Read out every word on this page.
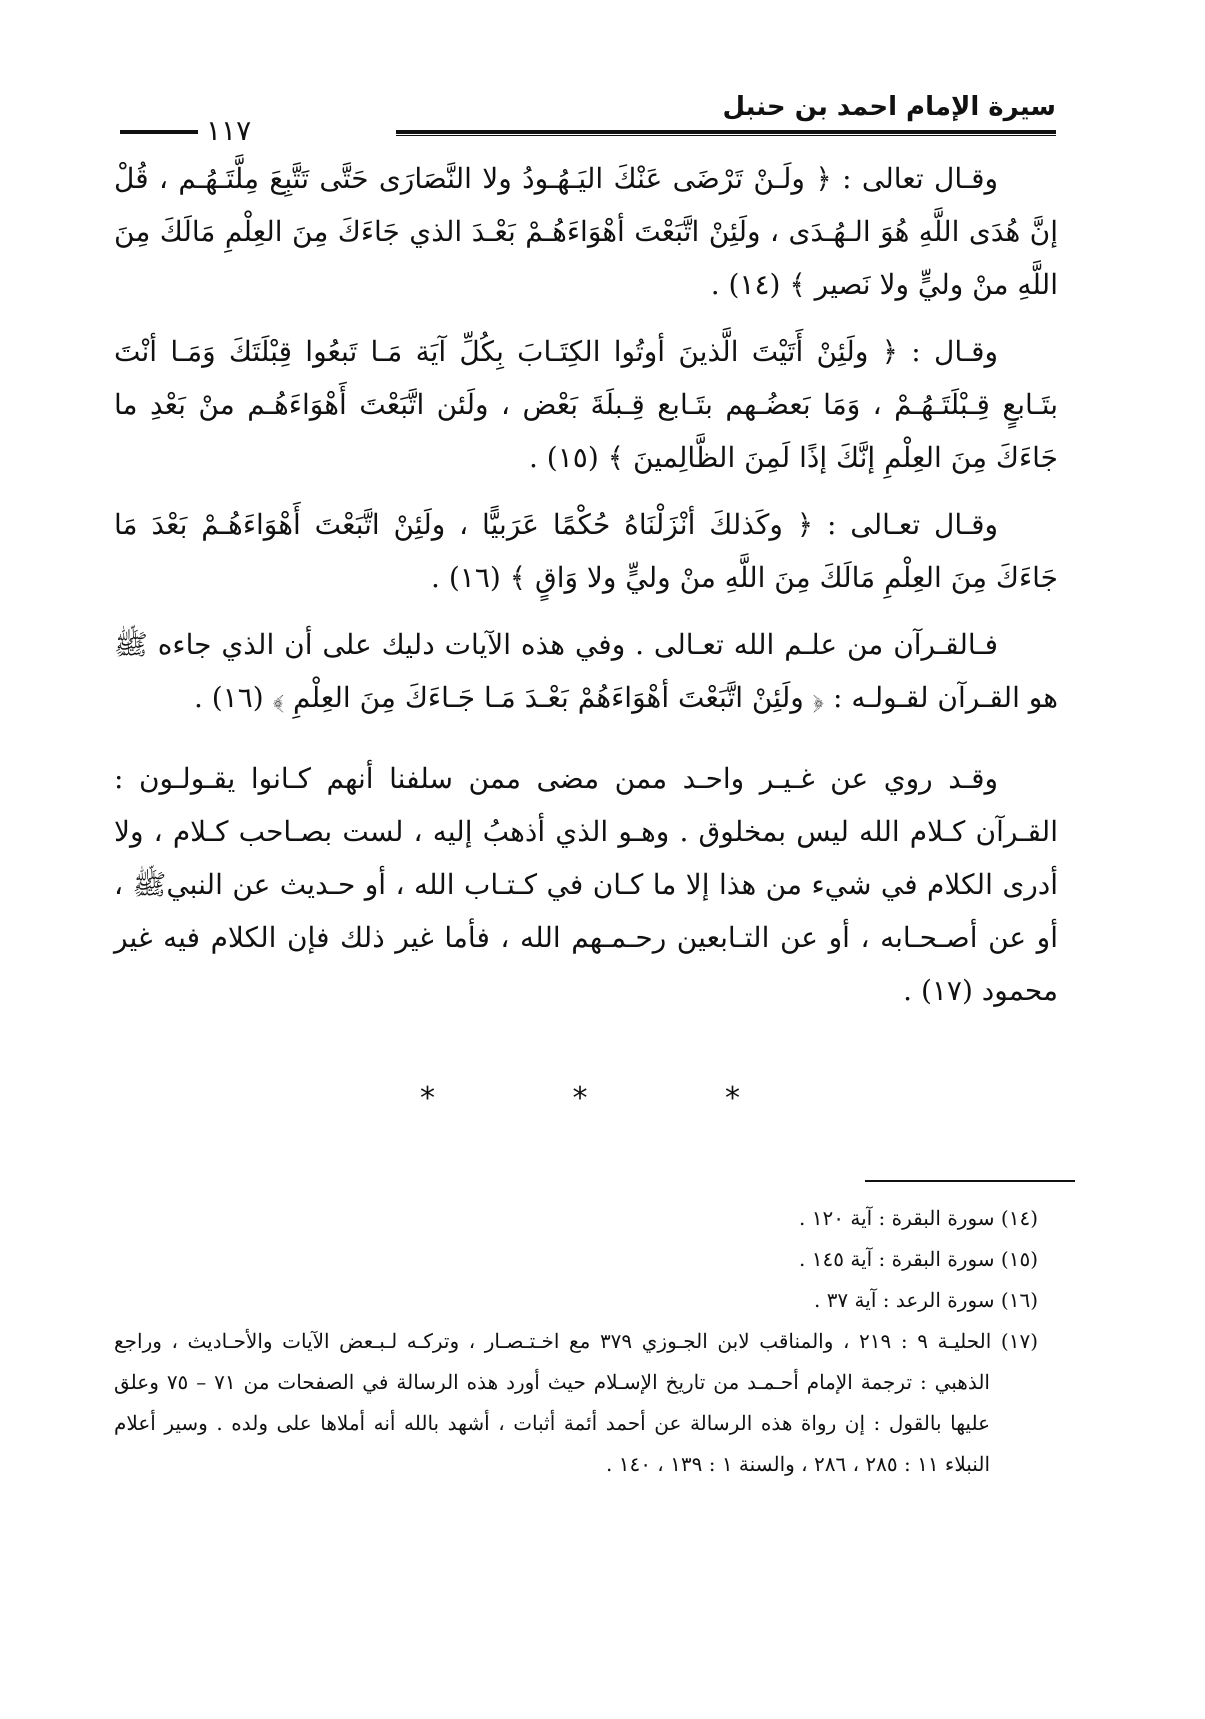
سيرة الإمام احمد بن حنبل
١١٧

وقـال تعالى : ﴿ ولَـنْ تَرْضَى عَنْكَ اليَـهُـودُ ولا النَّصَارَى حَتَّى تَتَّبِعَ مِلَّتَـهُـم ، قُلْ إنَّ هُدَى اللَّهِ هُوَ الـهُـدَى ، ولَئِنْ اتَّبَعْتَ أهْوَاءَهُـمْ بَعْـدَ الذي جَاءَكَ مِنَ العِلْمِ مَالَكَ مِنَ اللَّهِ منْ وليٍّ ولا نَصير ﴾ (١٤) .

وقـال : ﴿ ولَئِنْ أَتَيْتَ الَّذينَ أوتُوا الكِتَـابَ بِكُلِّ آيَة مَـا تَبعُوا قِبْلَتَكَ وَمَـا أنْتَ بتَـابعٍ قِـبْلَتَـهُـمْ ، وَمَا بَعضُـهم بتَـابع قِـبلَةَ بَعْض ، ولَئن اتَّبَعْتَ أَهْوَاءَهُـم منْ بَعْدِ ما جَاءَكَ مِنَ العِلْمِ إنَّكَ إذًا لَمِنَ الظَّالِمينَ ﴾ (١٥) .

وقـال تعـالى : ﴿ وكَذلكَ أنْزَلْنَاهُ حُكْمًا عَرَبيًّا ، ولَئِنْ اتَّبَعْتَ أَهْوَاءَهُـمْ بَعْدَ مَا جَاءَكَ مِنَ العِلْمِ مَالَكَ مِنَ اللَّهِ منْ وليٍّ ولا وَاقٍ ﴾ (١٦) .

فـالقـرآن من علـم الله تعـالى . وفي هذه الآيات دليك على أن الذي جاءه ﷺ هو القـرآن لقـولـه : ﴿ ولَئِنْ اتَّبَعْتَ أهْوَاءَهُمْ بَعْـدَ مَـا جَـاءَكَ مِنَ العِلْمِ ﴾ (١٦) .

وقـد روي عن غـيـر واحـد ممن مضى ممن سلفنا أنهم كـانوا يقـولـون : القـرآن كـلام الله ليس بمخلوق . وهـو الذي أذهبُ إليه ، لست بصـاحب كـلام ، ولا أدرى الكلام في شيء من هذا إلا ما كـان في كـتـاب الله ، أو حـديث عن النبيﷺ ، أو عن أصـحـابه ، أو عن التـابعين رحـمـهم الله ، فأما غير ذلك فإن الكلام فيه غير محمود (١٧) .

*
*
*

(١٤) سورة البقرة : آية ١٢٠ .

(١٥) سورة البقرة : آية ١٤٥ .

(١٦) سورة الرعد : آية ٣٧ .

(١٧) الحليـة ٩ : ٢١٩ ، والمناقب لابن الجـوزي ٣٧٩ مع اخـتـصـار ، وتركـه لـبـعض الآيات والأحـاديث ، وراجع الذهبي : ترجمة الإمام أحـمـد من تاريخ الإسـلام حيث أورد هذه الرسالة في الصفحات من ٧١ – ٧٥ وعلق عليها بالقول : إن رواة هذه الرسالة عن أحمد أئمة أثبات ، أشهد بالله أنه أملاها على ولده . وسير أعلام النبلاء ١١ : ٢٨٥ ، ٢٨٦ ، والسنة ١ : ١٣٩ ، ١٤٠ .
